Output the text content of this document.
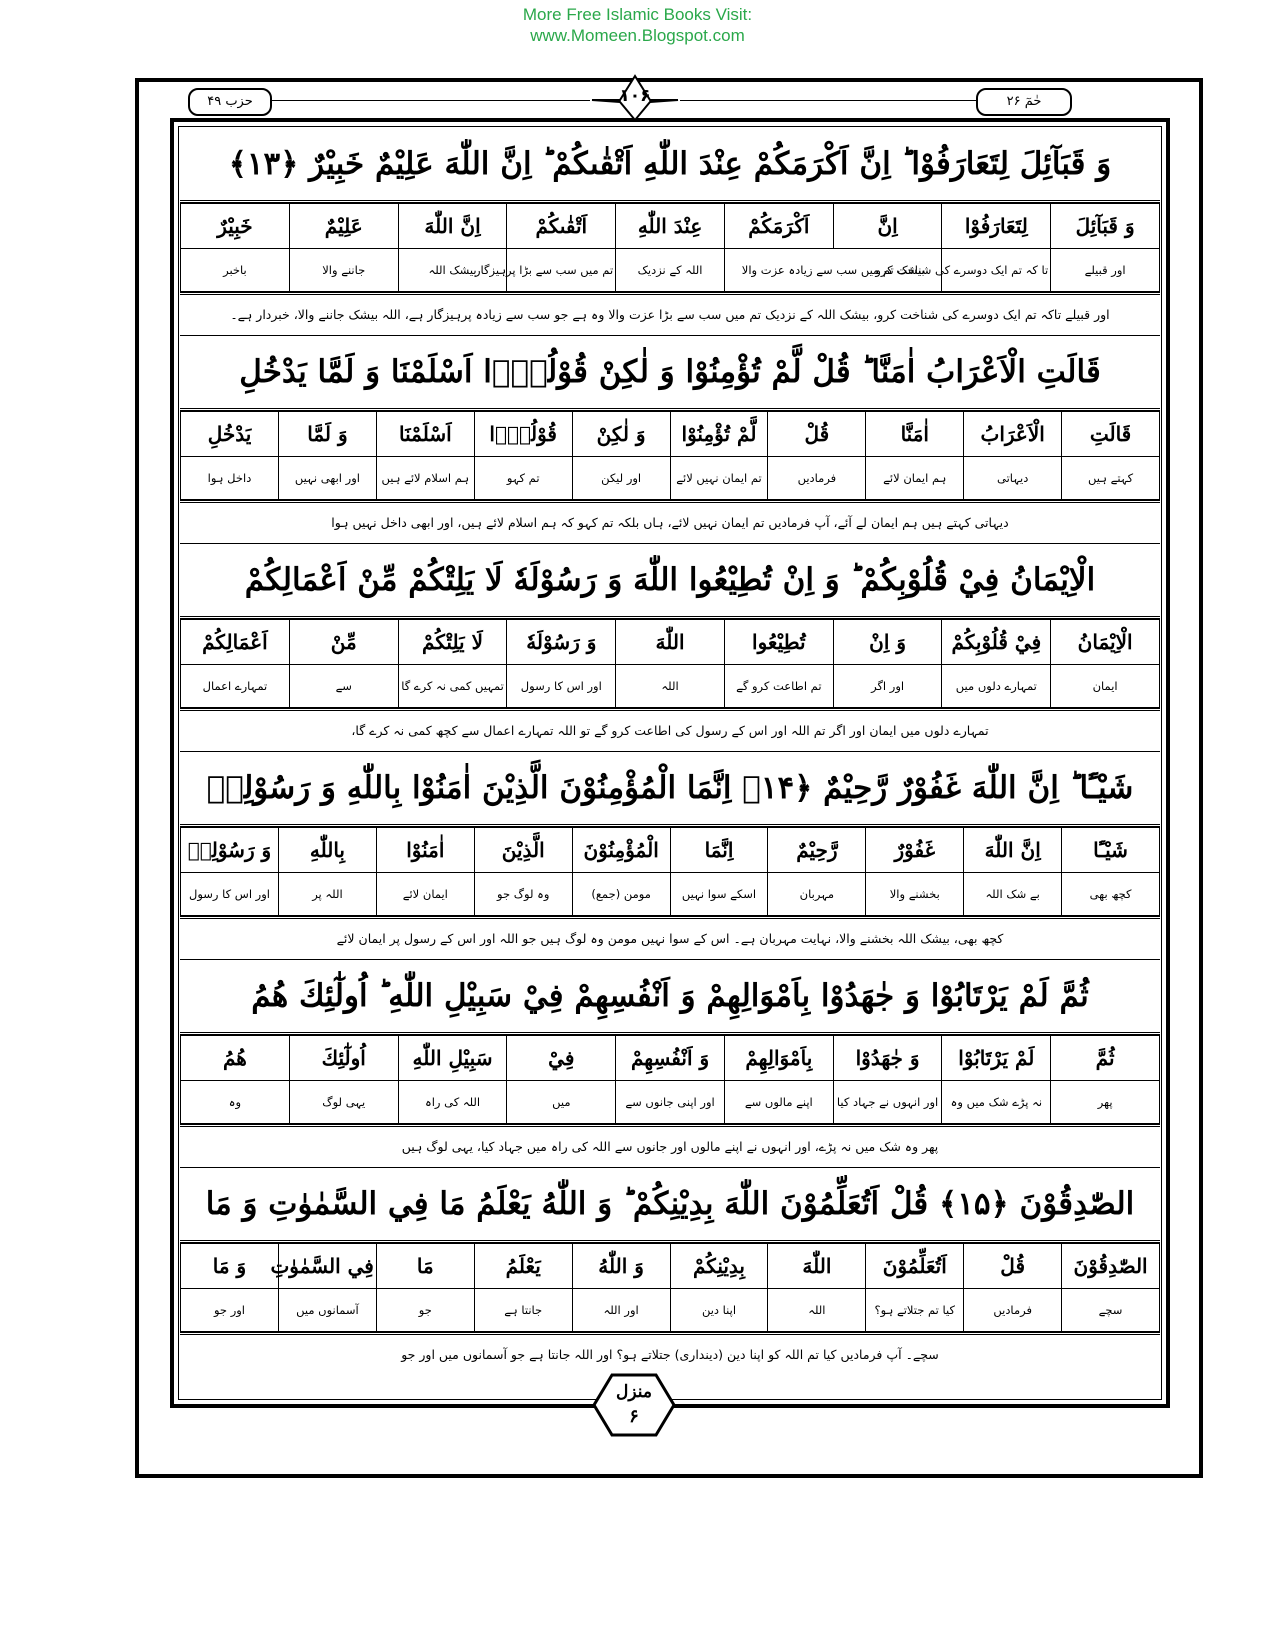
More Free Islamic Books Visit:
www.Momeen.Blogspot.com
حزب ۴۹	حٰمٓ ۲۶
۱۰۶
وَ قَبَآئِلَ لِتَعَارَفُوْا ؕ اِنَّ اَكْرَمَكُمْ عِنْدَ اللّٰهِ اَتْقٰىكُمْ ؕ اِنَّ اللّٰهَ عَلِيْمٌ خَبِيْرٌ ﴿۱۳﴾
وَ قَبَآئِلَ	لِتَعَارَفُوْا	اِنَّ	اَكْرَمَكُمْ	عِنْدَ اللّٰهِ	اَتْقٰىكُمْ	اِنَّ اللّٰهَ	عَلِيْمٌ	خَبِيْرٌ
اور قبیلے	تا کہ تم ایک دوسرے کی شناخت کرو	بیشک تم میں سب سے زیادہ عزت والا		اللہ کے نزدیک	تم میں سب سے بڑا پرہیزگار	بیشک اللہ	جاننے والا	باخبر
اور قبیلے تاکہ تم ایک دوسرے کی شناخت کرو، بیشک اللہ کے نزدیک تم میں سب سے بڑا عزت والا وہ ہے جو سب سے زیادہ پرہیزگار ہے، اللہ بیشک جاننے والا، خبردار ہے۔
قَالَتِ الْاَعْرَابُ اٰمَنَّا ؕ قُلْ لَّمْ تُؤْمِنُوْا وَ لٰكِنْ قُوْلُوْۤا اَسْلَمْنَا وَ لَمَّا يَدْخُلِ
قَالَتِ	الْاَعْرَابُ	اٰمَنَّا	قُلْ	لَّمْ تُؤْمِنُوْا	وَ لٰكِنْ	قُوْلُوْۤا	اَسْلَمْنَا	وَ لَمَّا	يَدْخُلِ
کہتے ہیں	دیہاتی	ہم ایمان لائے	فرمادیں	تم ایمان نہیں لائے	اور لیکن	تم کہو	ہم اسلام لائے ہیں	اور ابھی نہیں	داخل ہوا
دیہاتی کہتے ہیں ہم ایمان لے آئے، آپ فرمادیں تم ایمان نہیں لائے، ہاں بلکہ تم کہو کہ ہم اسلام لائے ہیں، اور ابھی داخل نہیں ہوا
الْاِيْمَانُ فِيْ قُلُوْبِكُمْ ؕ وَ اِنْ تُطِيْعُوا اللّٰهَ وَ رَسُوْلَهٗ لَا يَلِتْكُمْ مِّنْ اَعْمَالِكُمْ
الْاِيْمَانُ	فِيْ قُلُوْبِكُمْ	وَ اِنْ	تُطِيْعُوا	اللّٰهَ	وَ رَسُوْلَهٗ	لَا يَلِتْكُمْ	مِّنْ	اَعْمَالِكُمْ
ایمان	تمہارے دلوں میں	اور اگر	تم اطاعت کرو گے	اللہ	اور اس کا رسول	تمہیں کمی نہ کرے گا	سے	تمہارے اعمال
تمہارے دلوں میں ایمان اور اگر تم اللہ اور اس کے رسول کی اطاعت کرو گے تو اللہ تمہارے اعمال سے کچھ کمی نہ کرے گا،
شَيْـًٔا ؕ اِنَّ اللّٰهَ غَفُوْرٌ رَّحِيْمٌ ﴿۱۴﴾ اِنَّمَا الْمُؤْمِنُوْنَ الَّذِيْنَ اٰمَنُوْا بِاللّٰهِ وَ رَسُوْلِهٖ
شَيْـًٔا	اِنَّ اللّٰهَ	غَفُوْرٌ	رَّحِيْمٌ	اِنَّمَا	الْمُؤْمِنُوْنَ	الَّذِيْنَ	اٰمَنُوْا	بِاللّٰهِ	وَ رَسُوْلِهٖ
کچھ بھی	بے شک اللہ	بخشنے والا	مہربان	اسکے سوا نہیں	مومن (جمع)	وہ لوگ جو	ایمان لائے	اللہ پر	اور اس کا رسول
کچھ بھی، بیشک اللہ بخشنے والا، نہایت مہربان ہے۔ اس کے سوا نہیں مومن وہ لوگ ہیں جو اللہ اور اس کے رسول پر ایمان لائے
ثُمَّ لَمْ يَرْتَابُوْا وَ جٰهَدُوْا بِاَمْوَالِهِمْ وَ اَنْفُسِهِمْ فِيْ سَبِيْلِ اللّٰهِ ؕ اُولٰٓئِكَ هُمُ
ثُمَّ	لَمْ يَرْتَابُوْا	وَ جٰهَدُوْا	بِاَمْوَالِهِمْ	وَ اَنْفُسِهِمْ	فِيْ	سَبِيْلِ اللّٰهِ	اُولٰٓئِكَ	هُمُ
پھر	نہ پڑے شک میں وہ	اور انہوں نے جہاد کیا	اپنے مالوں سے	اور اپنی جانوں سے	میں	اللہ کی راہ	یہی لوگ	وہ
پھر وہ شک میں نہ پڑے، اور انہوں نے اپنے مالوں اور جانوں سے اللہ کی راہ میں جہاد کیا، یہی لوگ ہیں
الصّٰدِقُوْنَ ﴿۱۵﴾ قُلْ اَتُعَلِّمُوْنَ اللّٰهَ بِدِيْنِكُمْ ؕ وَ اللّٰهُ يَعْلَمُ مَا فِي السَّمٰوٰتِ وَ مَا
الصّٰدِقُوْنَ	قُلْ	اَتُعَلِّمُوْنَ	اللّٰهَ	بِدِيْنِكُمْ	وَ اللّٰهُ	يَعْلَمُ	مَا	فِي السَّمٰوٰتِ	وَ مَا
سچے	فرمادیں	کیا تم جتلاتے ہو؟	اللہ	اپنا دین	اور اللہ	جانتا ہے	جو	آسمانوں میں	اور جو
سچے۔ آپ فرمادیں کیا تم اللہ کو اپنا دین (دینداری) جتلاتے ہو؟ اور اللہ جانتا ہے جو آسمانوں میں اور جو
منزل
۶
